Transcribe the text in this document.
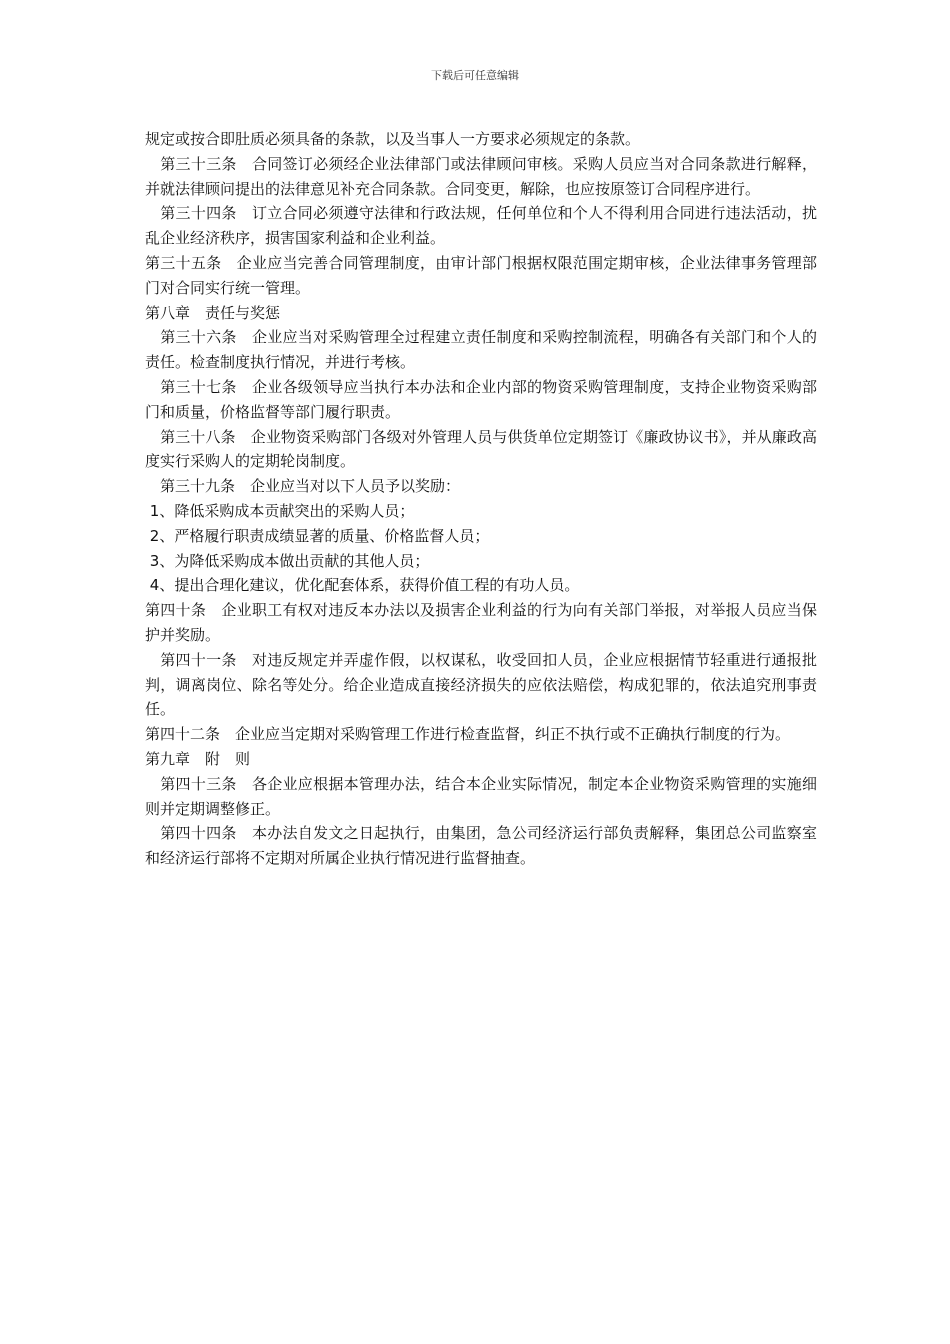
下载后可任意编辑

规定或按合即肚质必须具备的条款，以及当事人一方要求必须规定的条款。

　第三十三条　合同签订必须经企业法律部门或法律顾问审核。采购人员应当对合同条款进行解释，并就法律顾问提出的法律意见补充合同条款。合同变更，解除，也应按原签订合同程序进行。

　第三十四条　订立合同必须遵守法律和行政法规，任何单位和个人不得利用合同进行违法活动，扰乱企业经济秩序，损害国家利益和企业利益。

第三十五条　企业应当完善合同管理制度，由审计部门根据权限范围定期审核，企业法律事务管理部门对合同实行统一管理。

第八章　责任与奖惩

　第三十六条　企业应当对采购管理全过程建立责任制度和采购控制流程，明确各有关部门和个人的责任。检查制度执行情况，并进行考核。

　第三十七条　企业各级领导应当执行本办法和企业内部的物资采购管理制度，支持企业物资采购部门和质量，价格监督等部门履行职责。

　第三十八条　企业物资采购部门各级对外管理人员与供货单位定期签订《廉政协议书》，并从廉政高度实行采购人的定期轮岗制度。

　第三十九条　企业应当对以下人员予以奖励：

1、降低采购成本贡献突出的采购人员；

2、严格履行职责成绩显著的质量、价格监督人员；

3、为降低采购成本做出贡献的其他人员；

4、提出合理化建议，优化配套体系，获得价值工程的有功人员。

第四十条　企业职工有权对违反本办法以及损害企业利益的行为向有关部门举报，对举报人员应当保护并奖励。

　第四十一条　对违反规定并弄虚作假，以权谋私，收受回扣人员，企业应根据情节轻重进行通报批判，调离岗位、除名等处分。给企业造成直接经济损失的应依法赔偿，构成犯罪的，依法追究刑事责任。

第四十二条　企业应当定期对采购管理工作进行检查监督，纠正不执行或不正确执行制度的行为。

第九章　附　则

　第四十三条　各企业应根据本管理办法，结合本企业实际情况，制定本企业物资采购管理的实施细则并定期调整修正。

　第四十四条　本办法自发文之日起执行，由集团，急公司经济运行部负责解释，集团总公司监察室和经济运行部将不定期对所属企业执行情况进行监督抽查。
